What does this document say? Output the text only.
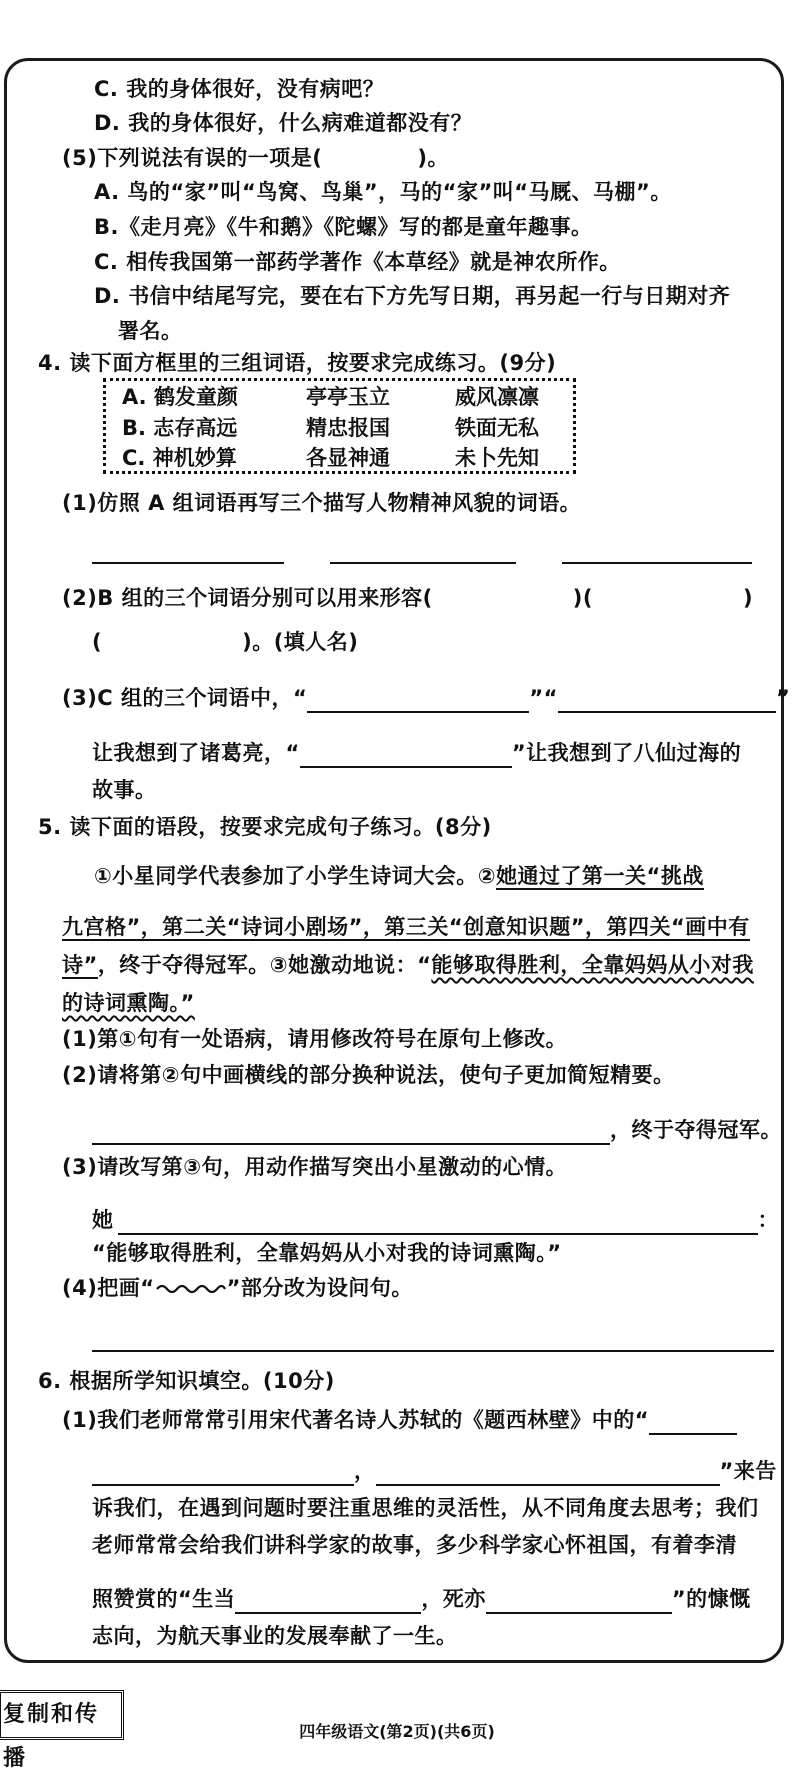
C. 我的身体很好，没有病吧？
D. 我的身体很好，什么病难道都没有？
(5)下列说法有误的一项是(	)。
A. 鸟的“家”叫“鸟窝、鸟巢”，马的“家”叫“马厩、马棚”。
B.《走月亮》《牛和鹅》《陀螺》写的都是童年趣事。
C. 相传我国第一部药学著作《本草经》就是神农所作。
D. 书信中结尾写完，要在右下方先写日期，再另起一行与日期对齐
署名。
4. 读下面方框里的三组词语，按要求完成练习。(9分)
A. 鹤发童颜	亭亭玉立	威风凛凛
B. 志存高远	精忠报国	铁面无私
C. 神机妙算	各显神通	未卜先知
(1)仿照 A 组词语再写三个描写人物精神风貌的词语。
(2)B 组的三个词语分别可以用来形容(	)(	)
(	)。(填人名)
(3)C 组的三个词语中，“	”“	”
让我想到了诸葛亮，“	”让我想到了八仙过海的
故事。
5. 读下面的语段，按要求完成句子练习。(8分)
①小星同学代表参加了小学生诗词大会。②她通过了第一关“挑战
九宫格”，第二关“诗词小剧场”，第三关“创意知识题”，第四关“画中有
诗”，终于夺得冠军。③她激动地说：“能够取得胜利，全靠妈妈从小对我
的诗词熏陶。”
(1)第①句有一处语病，请用修改符号在原句上修改。
(2)请将第②句中画横线的部分换种说法，使句子更加简短精要。
，终于夺得冠军。
(3)请改写第③句，用动作描写突出小星激动的心情。
她	：
“能够取得胜利，全靠妈妈从小对我的诗词熏陶。”
(4)把画“	”部分改为设问句。
6. 根据所学知识填空。(10分)
(1)我们老师常常引用宋代著名诗人苏轼的《题西林壁》中的“
，	”来告
诉我们，在遇到问题时要注重思维的灵活性，从不同角度去思考；我们
老师常常会给我们讲科学家的故事，多少科学家心怀祖国，有着李清
照赞赏的“生当	，死亦	”的慷慨
志向，为航天事业的发展奉献了一生。
复制和传播
四年级语文(第2页)(共6页)
